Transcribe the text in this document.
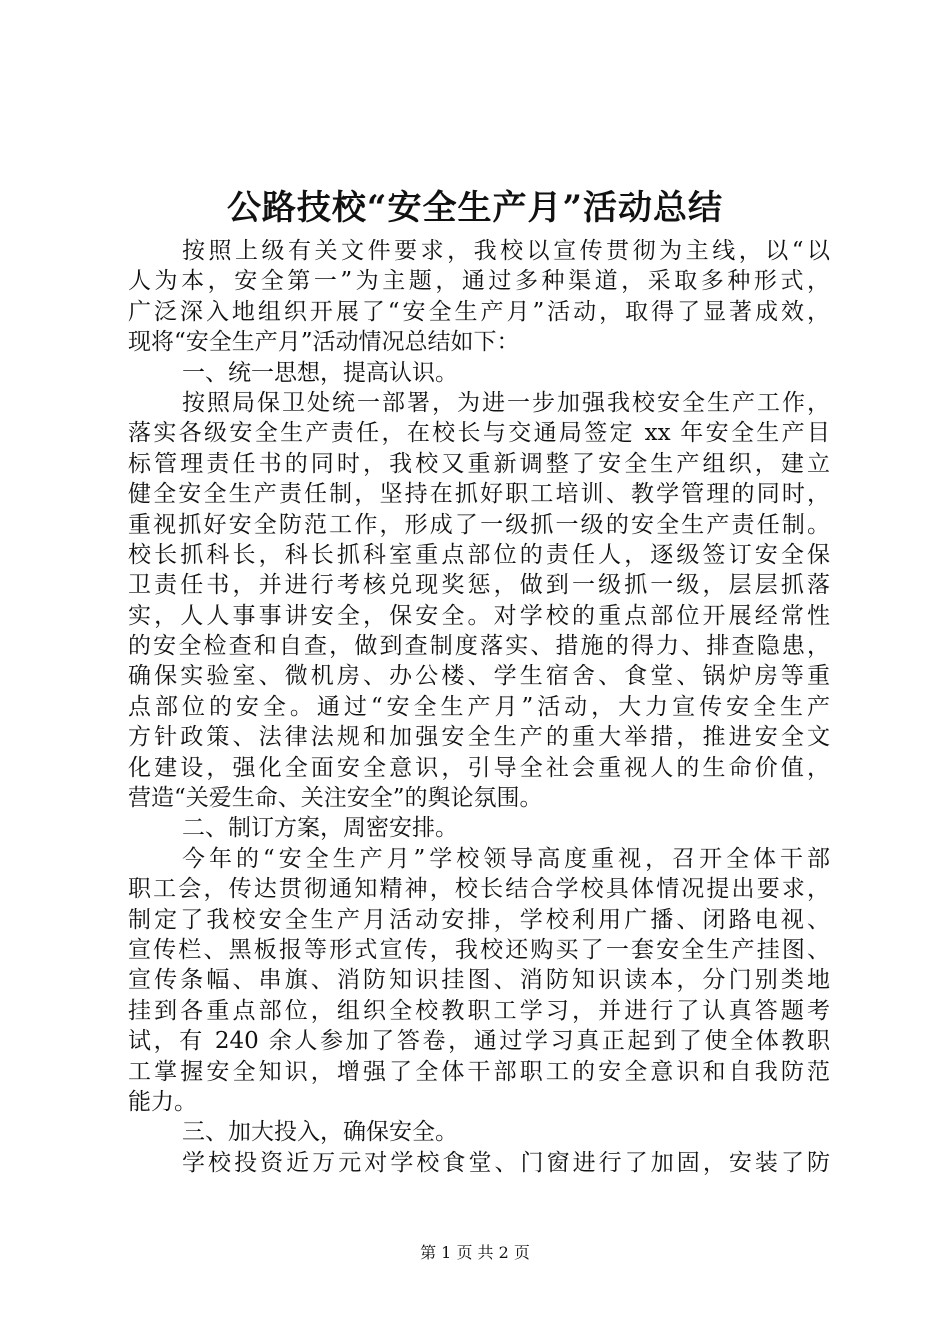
公路技校“安全生产月”活动总结
按照上级有关文件要求，我校以宣传贯彻为主线，以“以
人为本，安全第一”为主题，通过多种渠道，采取多种形式，
广泛深入地组织开展了“安全生产月”活动，取得了显著成效，
现将“安全生产月”活动情况总结如下：
一、统一思想，提高认识。
按照局保卫处统一部署，为进一步加强我校安全生产工作，
落实各级安全生产责任，在校长与交通局签定 xx 年安全生产目
标管理责任书的同时，我校又重新调整了安全生产组织，建立
健全安全生产责任制，坚持在抓好职工培训、教学管理的同时，
重视抓好安全防范工作，形成了一级抓一级的安全生产责任制。
校长抓科长，科长抓科室重点部位的责任人，逐级签订安全保
卫责任书，并进行考核兑现奖惩，做到一级抓一级，层层抓落
实，人人事事讲安全，保安全。对学校的重点部位开展经常性
的安全检查和自查，做到查制度落实、措施的得力、排查隐患，
确保实验室、微机房、办公楼、学生宿舍、食堂、锅炉房等重
点部位的安全。通过“安全生产月”活动，大力宣传安全生产
方针政策、法律法规和加强安全生产的重大举措，推进安全文
化建设，强化全面安全意识，引导全社会重视人的生命价值，
营造“关爱生命、关注安全”的舆论氛围。
二、制订方案，周密安排。
今年的“安全生产月”学校领导高度重视，召开全体干部
职工会，传达贯彻通知精神，校长结合学校具体情况提出要求，
制定了我校安全生产月活动安排，学校利用广播、闭路电视、
宣传栏、黑板报等形式宣传，我校还购买了一套安全生产挂图、
宣传条幅、串旗、消防知识挂图、消防知识读本，分门别类地
挂到各重点部位，组织全校教职工学习，并进行了认真答题考
试，有 240 余人参加了答卷，通过学习真正起到了使全体教职
工掌握安全知识，增强了全体干部职工的安全意识和自我防范
能力。
三、加大投入，确保安全。
学校投资近万元对学校食堂、门窗进行了加固，安装了防
第 1 页 共 2 页
